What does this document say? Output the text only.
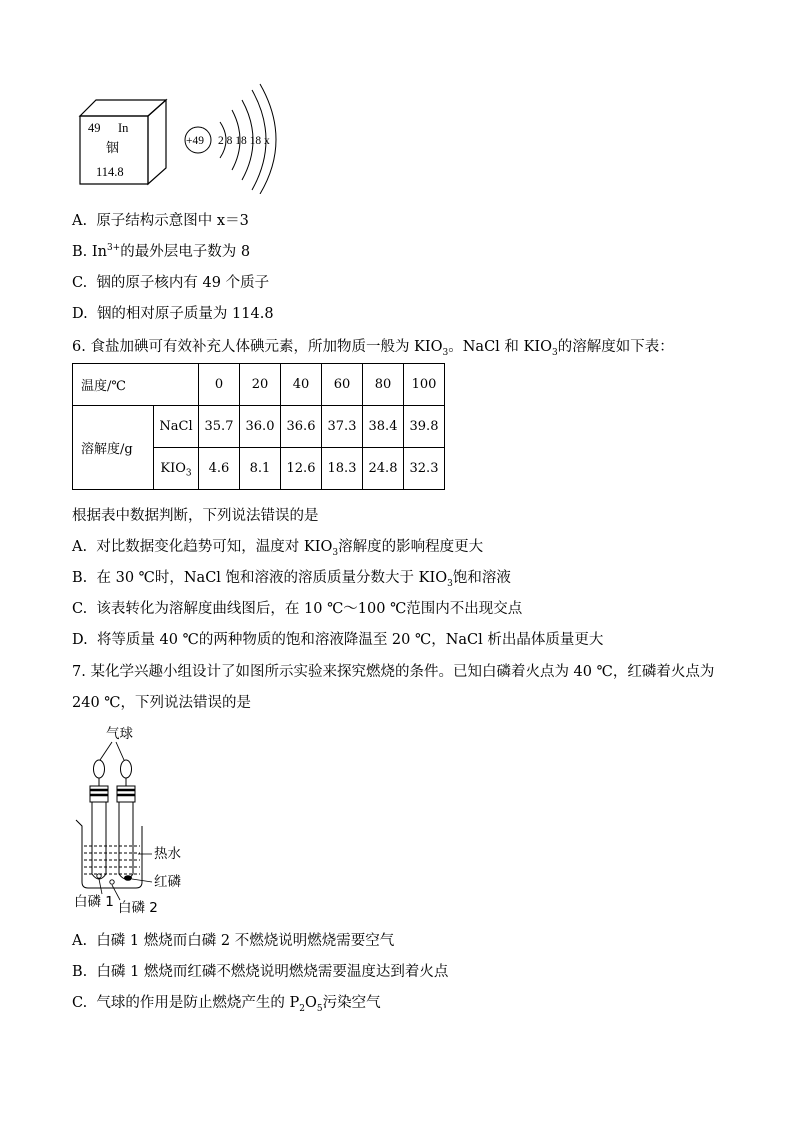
49 In
铟
114.8
+49 2 8 18 18 x
A. 原子结构示意图中 x＝3
B. $In^{3+}$的最外层电子数为 8
C. 铟的原子核内有 49 个质子
D. 铟的相对原子质量为 114.8
6. 食盐加碘可有效补充人体碘元素，所加物质一般为 $KIO_3$。NaCl 和 $KIO_3$的溶解度如下表：
温度/℃		0	20	40	60	80	100
溶解度/g	NaCl	35.7	36.0	36.6	37.3	38.4	39.8
	$KIO_3$	4.6	8.1	12.6	18.3	24.8	32.3
根据表中数据判断，下列说法错误的是
A. 对比数据变化趋势可知，温度对 $KIO_3$溶解度的影响程度更大
B. 在 30 ℃时，NaCl 饱和溶液的溶质质量分数大于 $KIO_3$饱和溶液
C. 该表转化为溶解度曲线图后，在 10 ℃～100 ℃范围内不出现交点
D. 将等质量 40 ℃的两种物质的饱和溶液降温至 20 ℃，NaCl 析出晶体质量更大
7. 某化学兴趣小组设计了如图所示实验来探究燃烧的条件。已知白磷着火点为 40 ℃，红磷着火点为
240 ℃，下列说法错误的是
气球
热水
红磷
白磷 1 白磷 2
A. 白磷 1 燃烧而白磷 2 不燃烧说明燃烧需要空气
B. 白磷 1 燃烧而红磷不燃烧说明燃烧需要温度达到着火点
C. 气球的作用是防止燃烧产生的 $P_2O_5$污染空气
